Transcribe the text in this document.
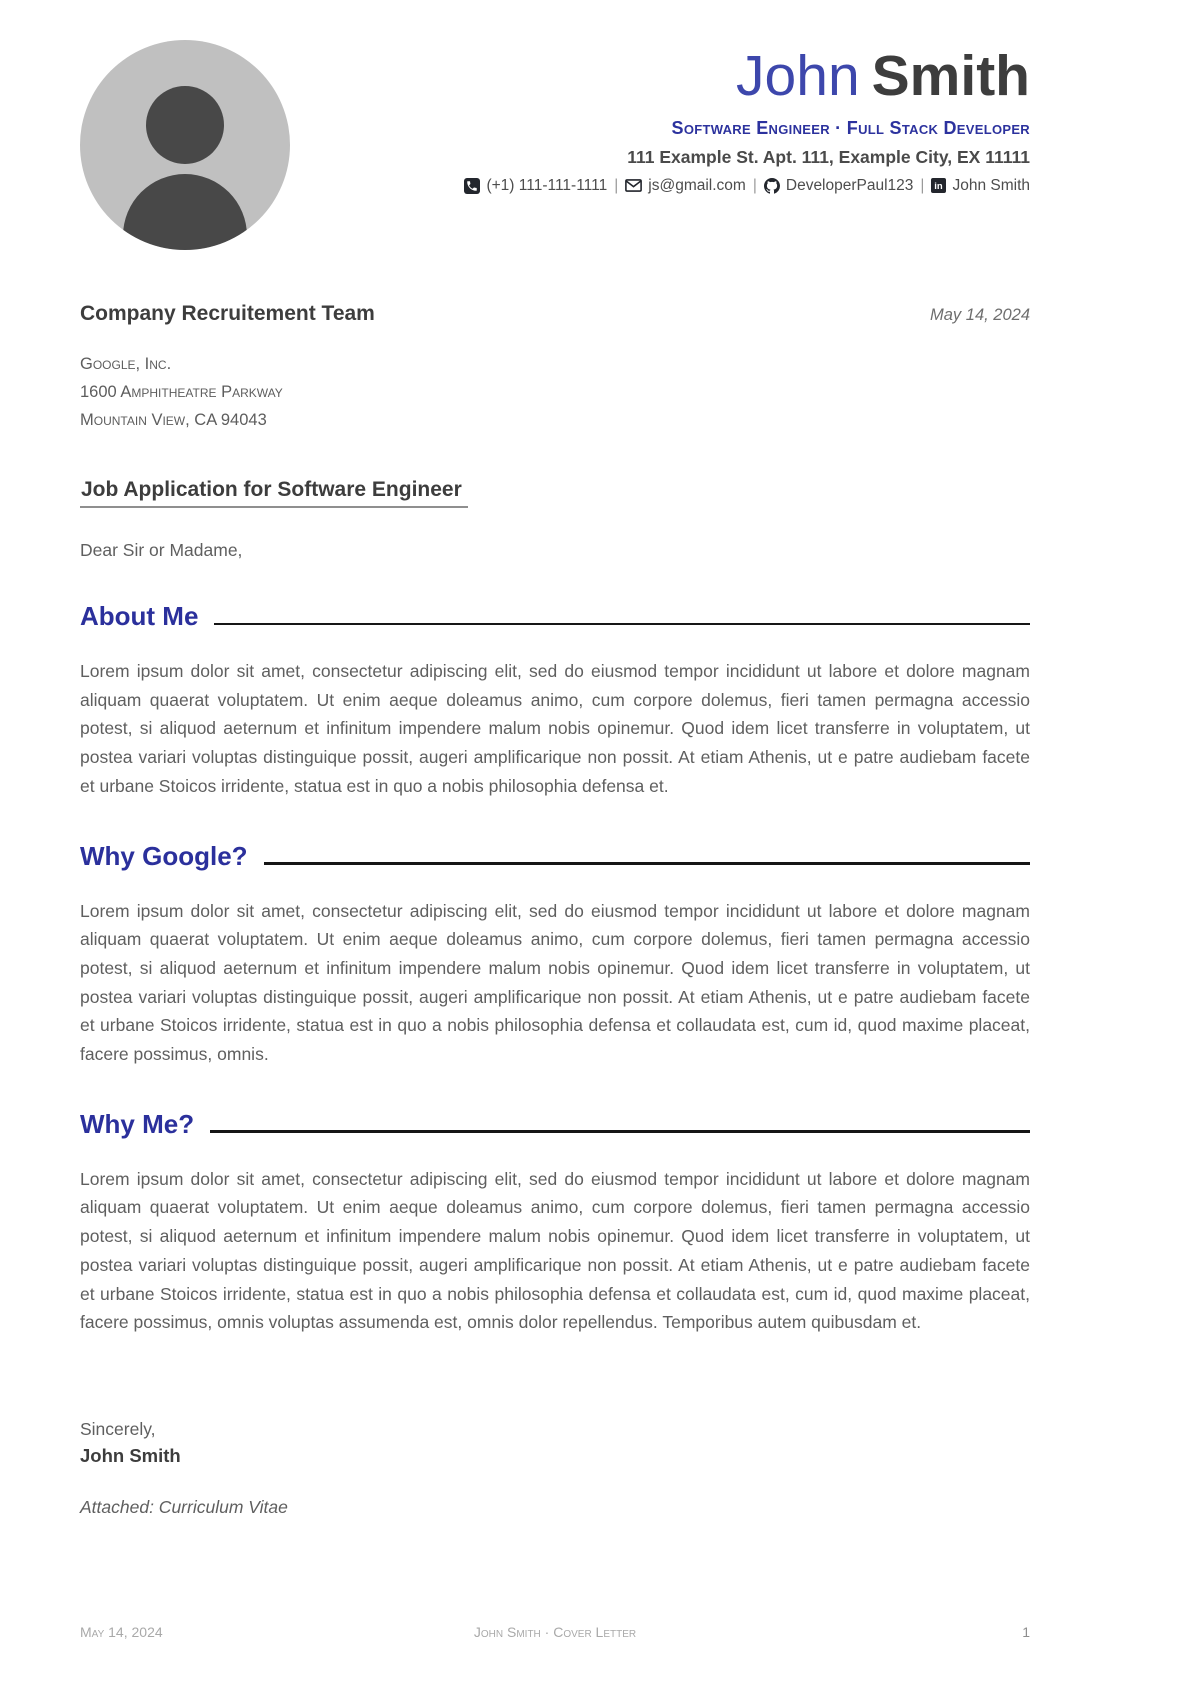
John Smith
Software Engineer · Full Stack Developer
111 Example St. Apt. 111, Example City, EX 11111
(+1) 111-111-1111 | js@gmail.com | DeveloperPaul123 | in John Smith
Company Recruitement Team	May 14, 2024
Google, Inc.
1600 Amphitheatre Parkway
Mountain View, CA 94043
Job Application for Software Engineer
Dear Sir or Madame,
About Me

Lorem ipsum dolor sit amet, consectetur adipiscing elit, sed do eiusmod tempor incididunt ut labore et dolore magnam aliquam quaerat voluptatem. Ut enim aeque doleamus animo, cum corpore dolemus, fieri tamen permagna accessio potest, si aliquod aeternum et infinitum impendere malum nobis opinemur. Quod idem licet transferre in voluptatem, ut postea variari voluptas distinguique possit, augeri amplificarique non possit. At etiam Athenis, ut e patre audiebam facete et urbane Stoicos irridente, statua est in quo a nobis philosophia defensa et.

Why Google?

Lorem ipsum dolor sit amet, consectetur adipiscing elit, sed do eiusmod tempor incididunt ut labore et dolore magnam aliquam quaerat voluptatem. Ut enim aeque doleamus animo, cum corpore dolemus, fieri tamen permagna accessio potest, si aliquod aeternum et infinitum impendere malum nobis opinemur. Quod idem licet transferre in voluptatem, ut postea variari voluptas distinguique possit, augeri amplificarique non possit. At etiam Athenis, ut e patre audiebam facete et urbane Stoicos irridente, statua est in quo a nobis philosophia defensa et collaudata est, cum id, quod maxime placeat, facere possimus, omnis.

Why Me?

Lorem ipsum dolor sit amet, consectetur adipiscing elit, sed do eiusmod tempor incididunt ut labore et dolore magnam aliquam quaerat voluptatem. Ut enim aeque doleamus animo, cum corpore dolemus, fieri tamen permagna accessio potest, si aliquod aeternum et infinitum impendere malum nobis opinemur. Quod idem licet transferre in voluptatem, ut postea variari voluptas distinguique possit, augeri amplificarique non possit. At etiam Athenis, ut e patre audiebam facete et urbane Stoicos irridente, statua est in quo a nobis philosophia defensa et collaudata est, cum id, quod maxime placeat, facere possimus, omnis voluptas assumenda est, omnis dolor repellendus. Temporibus autem quibusdam et.

Sincerely,
John Smith
Attached: Curriculum Vitae
May 14, 2024	John Smith · Cover Letter	1
